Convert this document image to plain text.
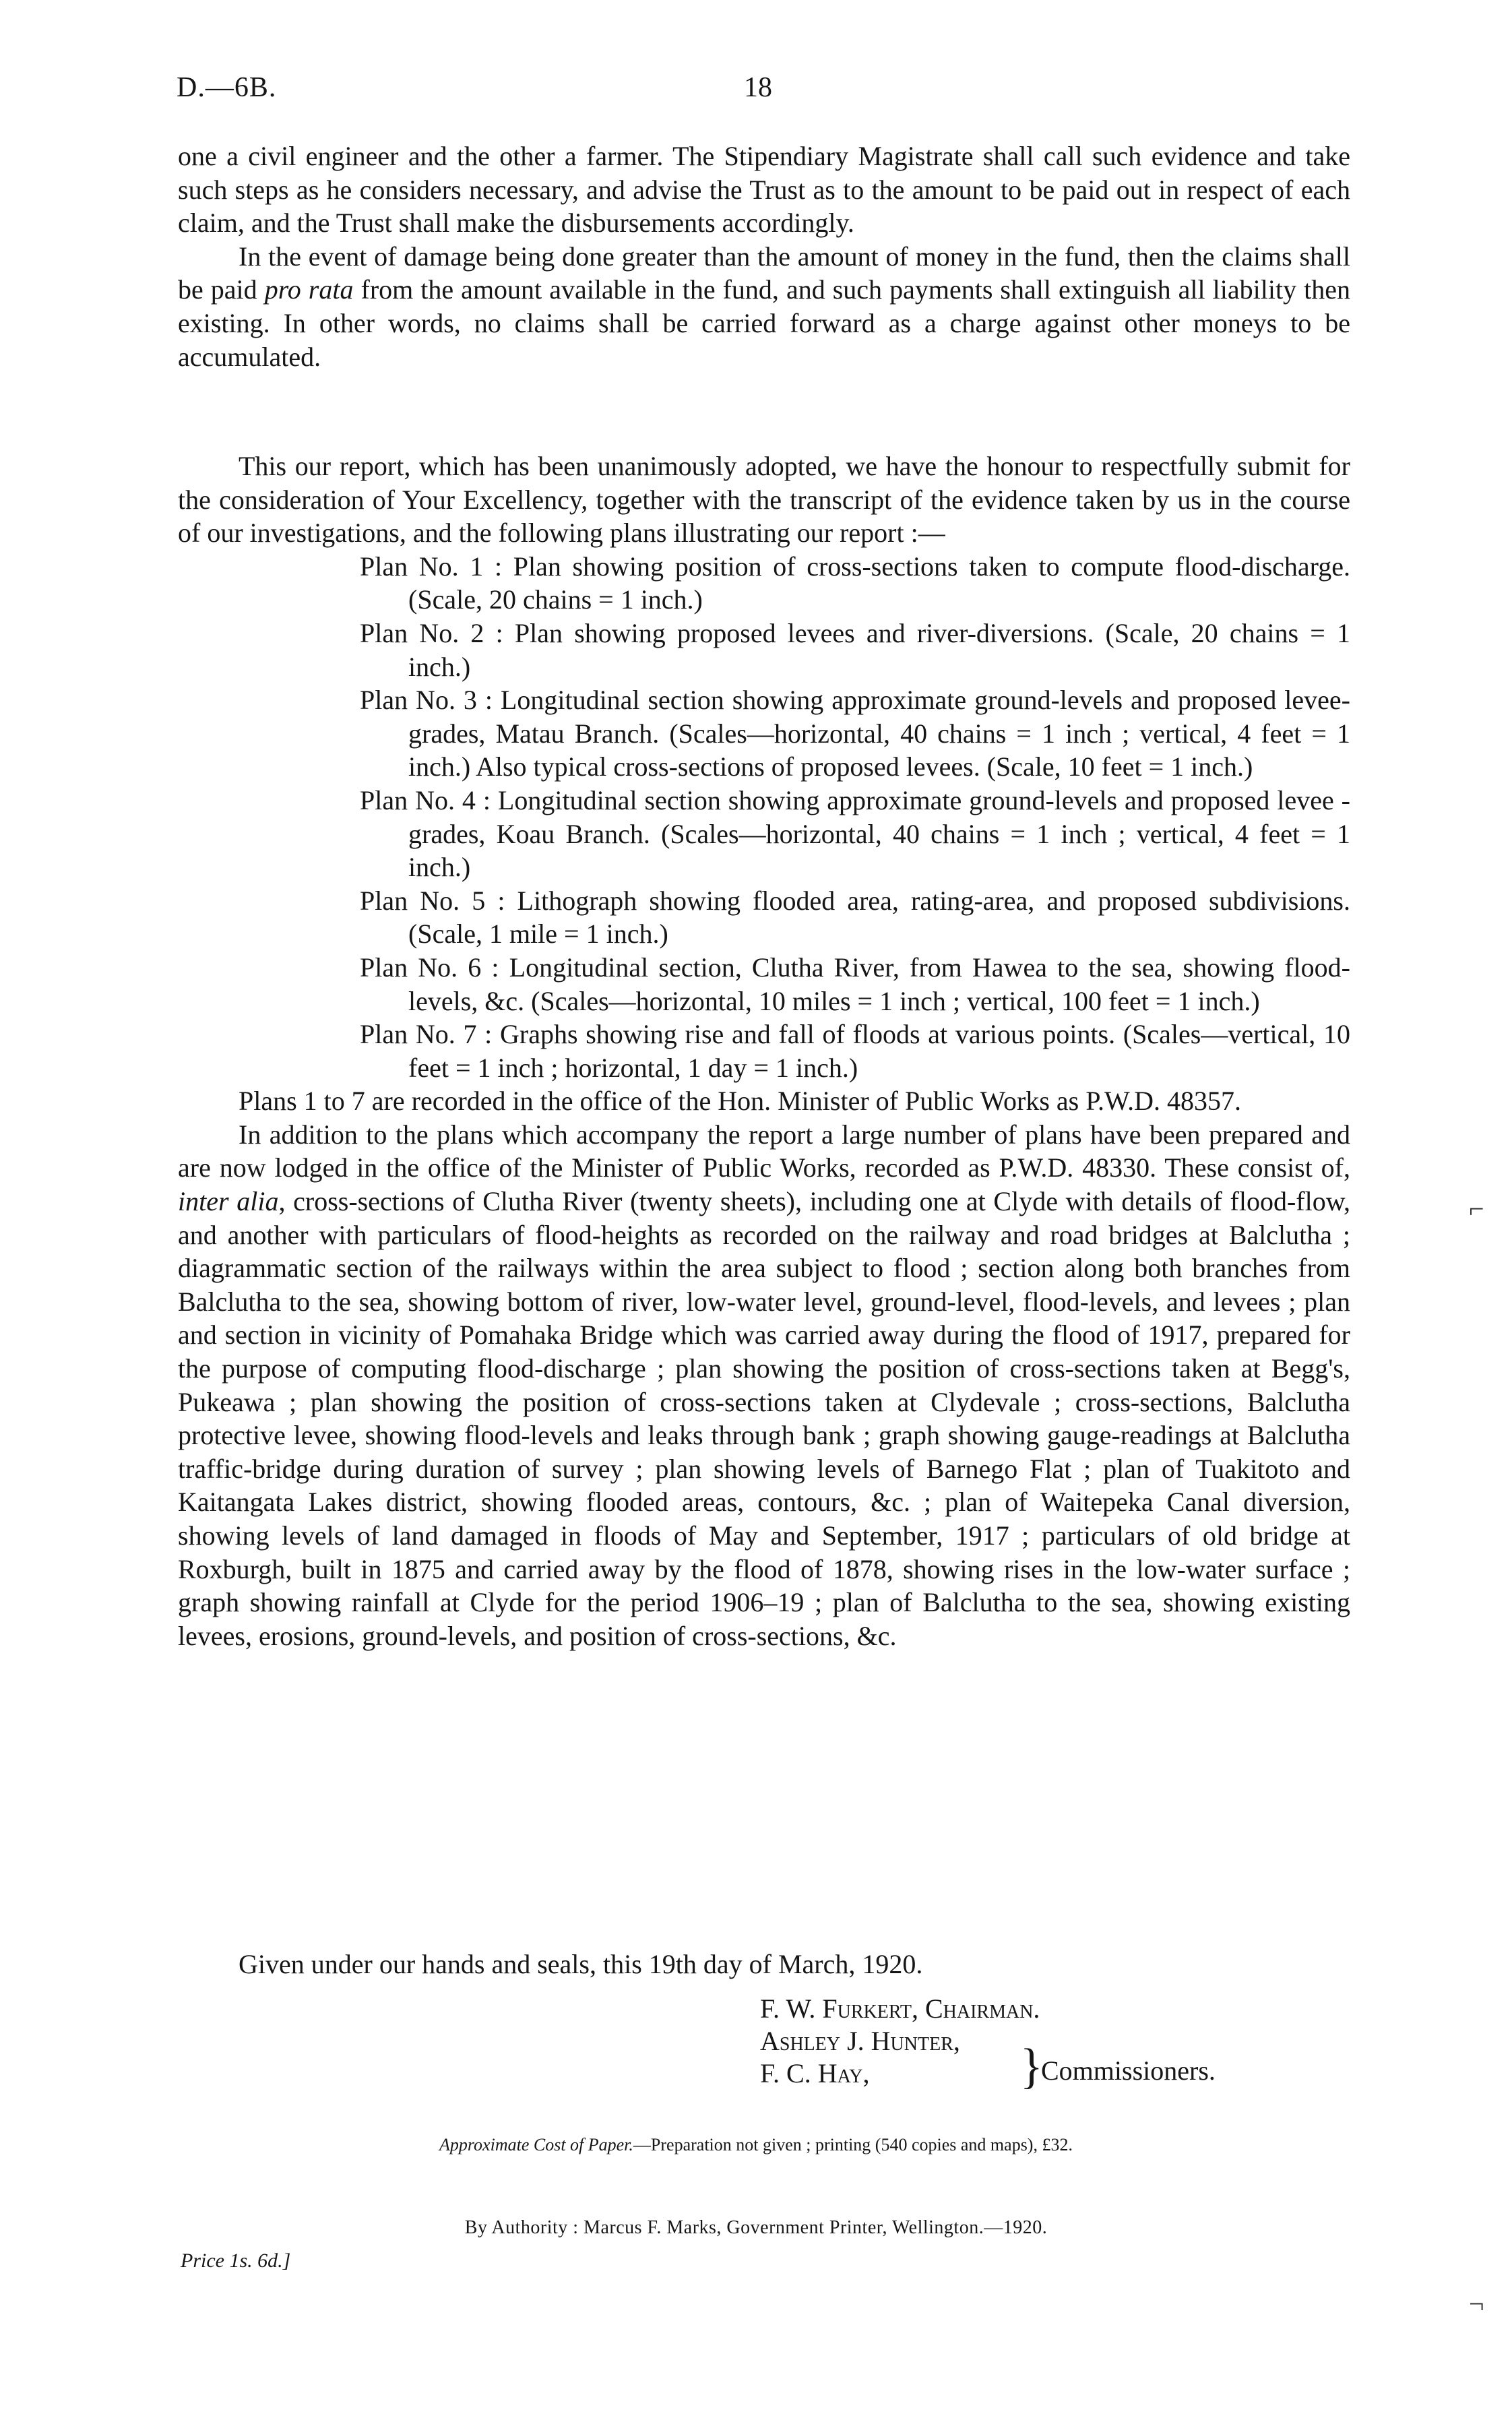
D.—6B.	18

one a civil engineer and the other a farmer. The Stipendiary Magistrate shall call such evidence and take such steps as he considers necessary, and advise the Trust as to the amount to be paid out in respect of each claim, and the Trust shall make the disbursements accordingly.

In the event of damage being done greater than the amount of money in the fund, then the claims shall be paid pro rata from the amount available in the fund, and such payments shall extinguish all liability then existing. In other words, no claims shall be carried forward as a charge against other moneys to be accumulated.

This our report, which has been unanimously adopted, we have the honour to respectfully submit for the consideration of Your Excellency, together with the transcript of the evidence taken by us in the course of our investigations, and the following plans illustrating our report :—

Plan No. 1 : Plan showing position of cross-sections taken to compute flood-discharge. (Scale, 20 chains = 1 inch.)
Plan No. 2 : Plan showing proposed levees and river-diversions. (Scale, 20 chains = 1 inch.)
Plan No. 3 : Longitudinal section showing approximate ground-levels and proposed levee-grades, Matau Branch. (Scales—horizontal, 40 chains = 1 inch ; vertical, 4 feet = 1 inch.) Also typical cross-sections of proposed levees. (Scale, 10 feet = 1 inch.)
Plan No. 4 : Longitudinal section showing approximate ground-levels and proposed levee - grades, Koau Branch. (Scales—horizontal, 40 chains = 1 inch ; vertical, 4 feet = 1 inch.)
Plan No. 5 : Lithograph showing flooded area, rating-area, and proposed subdivisions. (Scale, 1 mile = 1 inch.)
Plan No. 6 : Longitudinal section, Clutha River, from Hawea to the sea, showing flood-levels, &c. (Scales—horizontal, 10 miles = 1 inch ; vertical, 100 feet = 1 inch.)
Plan No. 7 : Graphs showing rise and fall of floods at various points. (Scales—vertical, 10 feet = 1 inch ; horizontal, 1 day = 1 inch.)

Plans 1 to 7 are recorded in the office of the Hon. Minister of Public Works as P.W.D. 48357.

In addition to the plans which accompany the report a large number of plans have been prepared and are now lodged in the office of the Minister of Public Works, recorded as P.W.D. 48330. These consist of, inter alia, cross-sections of Clutha River (twenty sheets), including one at Clyde with details of flood-flow, and another with particulars of flood-heights as recorded on the railway and road bridges at Balclutha ; diagrammatic section of the railways within the area subject to flood ; section along both branches from Balclutha to the sea, showing bottom of river, low-water level, ground-level, flood-levels, and levees ; plan and section in vicinity of Pomahaka Bridge which was carried away during the flood of 1917, prepared for the purpose of computing flood-discharge ; plan showing the position of cross-sections taken at Begg's, Pukeawa ; plan showing the position of cross-sections taken at Clydevale ; cross-sections, Balclutha protective levee, showing flood-levels and leaks through bank ; graph showing gauge-readings at Balclutha traffic-bridge during duration of survey ; plan showing levels of Barnego Flat ; plan of Tuakitoto and Kaitangata Lakes district, showing flooded areas, contours, &c. ; plan of Waitepeka Canal diversion, showing levels of land damaged in floods of May and September, 1917 ; particulars of old bridge at Roxburgh, built in 1875 and carried away by the flood of 1878, showing rises in the low-water surface ; graph showing rainfall at Clyde for the period 1906–19 ; plan of Balclutha to the sea, showing existing levees, erosions, ground-levels, and position of cross-sections, &c.

Given under our hands and seals, this 19th day of March, 1920.
F. W. Furkert, Chairman.
Ashley J. Hunter,
F. C. Hay,	}
Commissioners.
Approximate Cost of Paper.—Preparation not given ; printing (540 copies and maps), £32.
By Authority : Marcus F. Marks, Government Printer, Wellington.—1920.
Price 1s. 6d.]
⌐
¬
